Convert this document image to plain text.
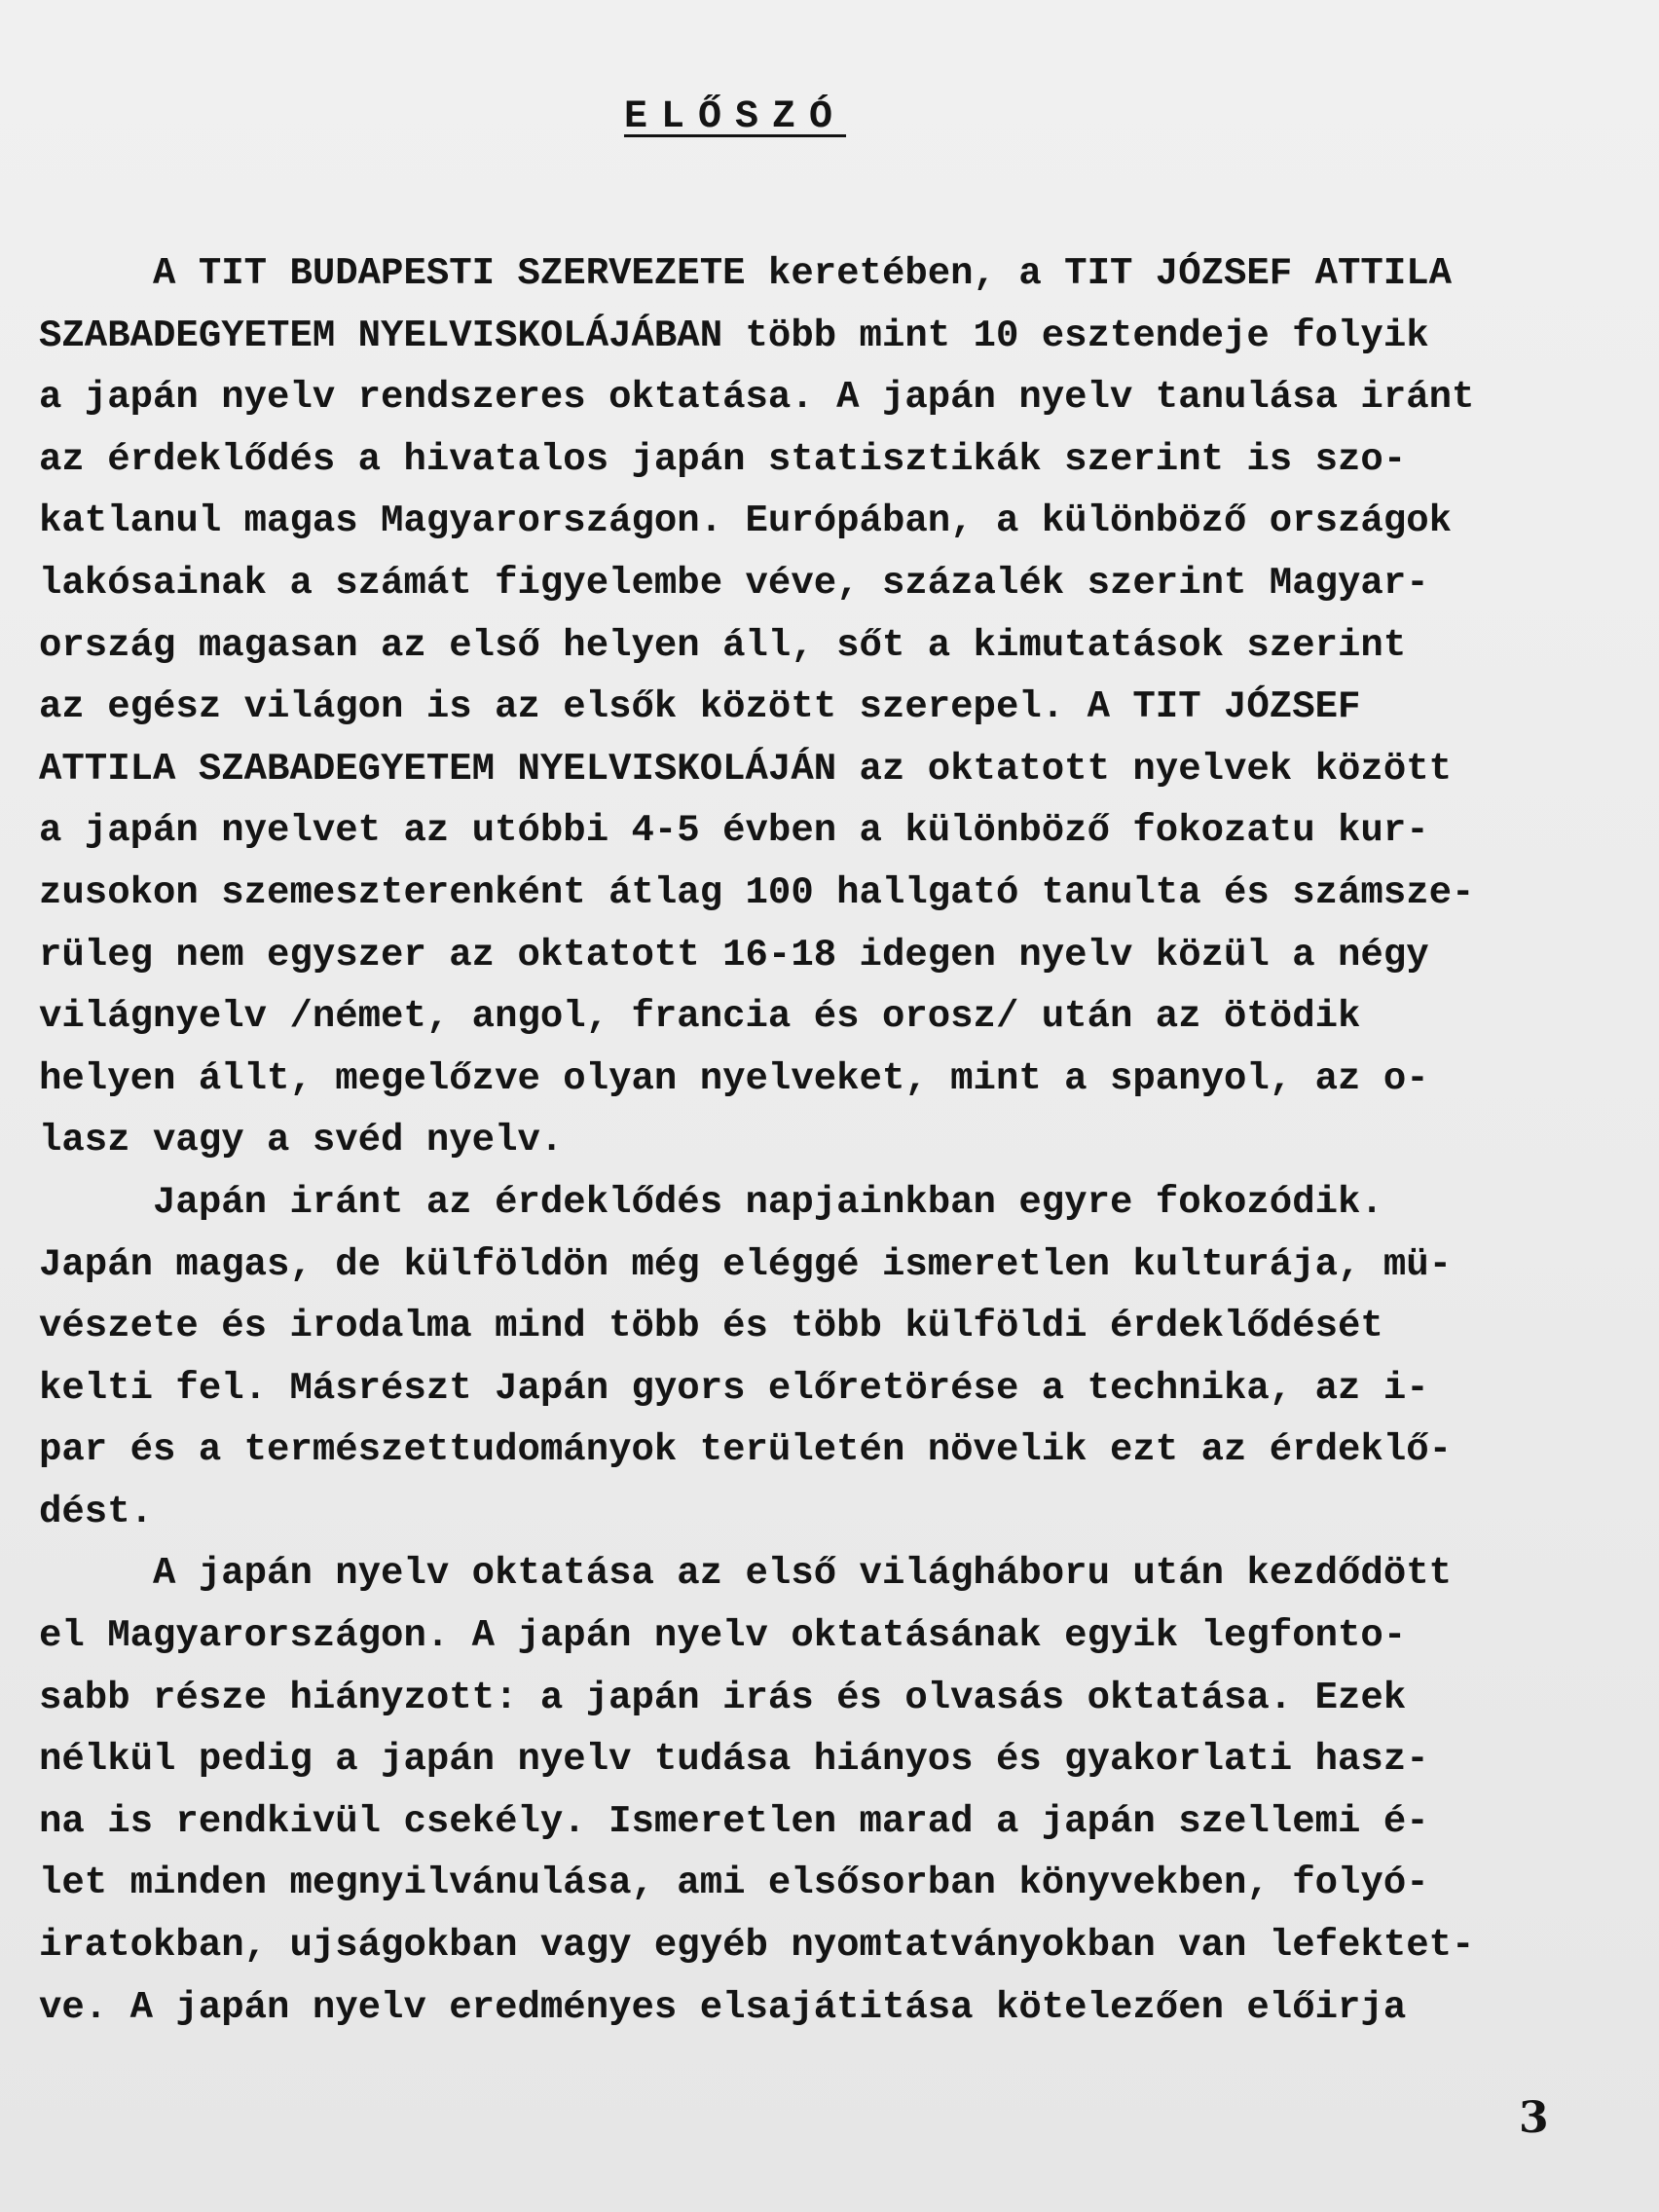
ELŐSZÓ
A TIT BUDAPESTI SZERVEZETE keretében, a TIT JÓZSEF ATTILA
SZABADEGYETEM NYELVISKOLÁJÁBAN több mint 10 esztendeje folyik
a japán nyelv rendszeres oktatása. A japán nyelv tanulása iránt
az érdeklődés a hivatalos japán statisztikák szerint is szo-
katlanul magas Magyarországon. Európában, a különböző országok
lakósainak a számát figyelembe véve, százalék szerint Magyar-
ország magasan az első helyen áll, sőt a kimutatások szerint
az egész világon is az elsők között szerepel. A TIT JÓZSEF
ATTILA SZABADEGYETEM NYELVISKOLÁJÁN az oktatott nyelvek között
a japán nyelvet az utóbbi 4-5 évben a különböző fokozatu kur-
zusokon szemeszterenként átlag 100 hallgató tanulta és számsze-
rüleg nem egyszer az oktatott 16-18 idegen nyelv közül a négy
világnyelv /német, angol, francia és orosz/ után az ötödik
helyen állt, megelőzve olyan nyelveket, mint a spanyol, az o-
lasz vagy a svéd nyelv.
Japán iránt az érdeklődés napjainkban egyre fokozódik.
Japán magas, de külföldön még eléggé ismeretlen kulturája, mü-
vészete és irodalma mind több és több külföldi érdeklődését
kelti fel. Másrészt Japán gyors előretörése a technika, az i-
par és a természettudományok területén növelik ezt az érdeklő-
dést.
A japán nyelv oktatása az első világháboru után kezdődött
el Magyarországon. A japán nyelv oktatásának egyik legfonto-
sabb része hiányzott: a japán irás és olvasás oktatása. Ezek
nélkül pedig a japán nyelv tudása hiányos és gyakorlati hasz-
na is rendkivül csekély. Ismeretlen marad a japán szellemi é-
let minden megnyilvánulása, ami elsősorban könyvekben, folyó-
iratokban, ujságokban vagy egyéb nyomtatványokban van lefektet-
ve. A japán nyelv eredményes elsajátitása kötelezően előirja
3
